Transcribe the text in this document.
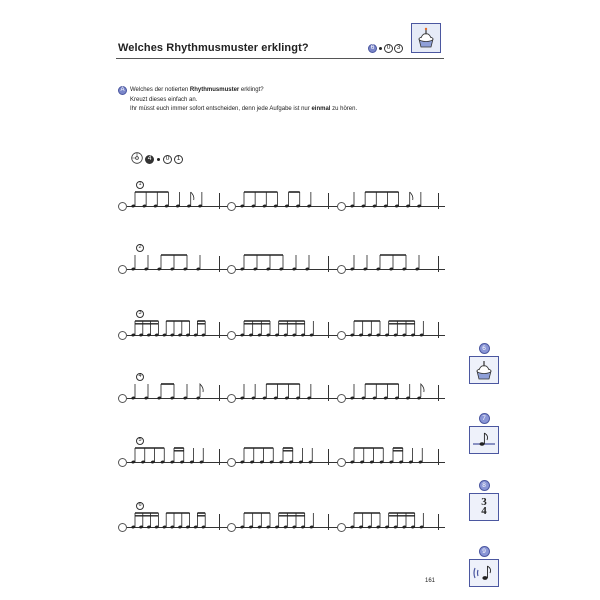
Welches Rhythmusmuster erklingt?	6	0 3
A Welches der notierten Rhythmusmuster erklingt?

Kreuzt dieses einfach an.

Ihr müsst euch immer sofort entscheiden, denn jede Aufgabe ist nur einmal zu hören.

4	0	1
1
2
3
4
5
6
6
7
8
3
4
9
161
